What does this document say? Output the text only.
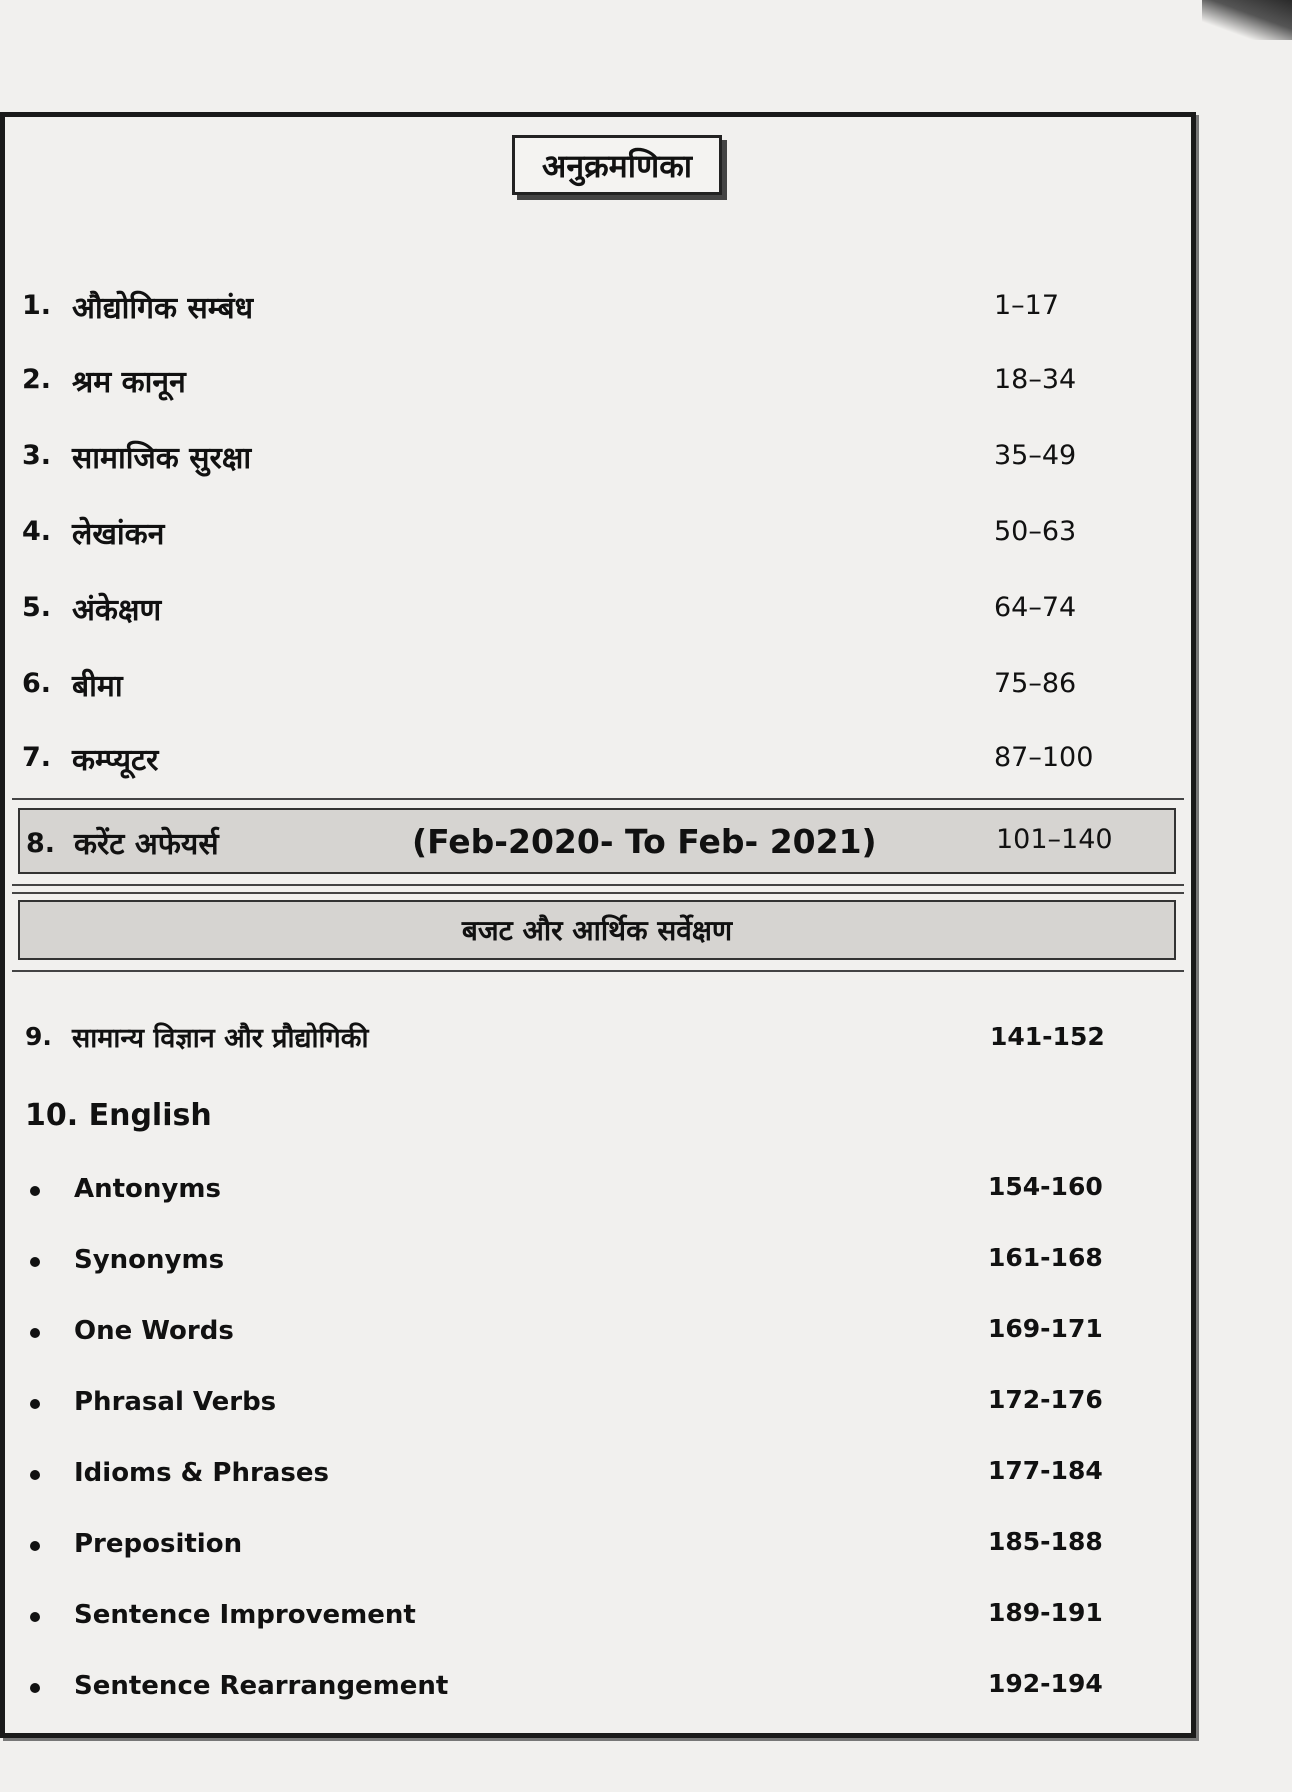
अनुक्रमणिका
1. औद्योगिक सम्बंध	1–17
2. श्रम कानून	18–34
3. सामाजिक सुरक्षा	35–49
4. लेखांकन	50–63
5. अंकेक्षण	64–74
6. बीमा	75–86
7. कम्प्यूटर	87–100
8. करेंट अफेयर्स	(Feb-2020- To Feb- 2021)	101–140
बजट और आर्थिक सर्वेक्षण
9. सामान्य विज्ञान और प्रौद्योगिकी	141-152
10. English
Antonyms	154-160
Synonyms	161-168
One Words	169-171
Phrasal Verbs	172-176
Idioms & Phrases	177-184
Preposition	185-188
Sentence Improvement	189-191
Sentence Rearrangement	192-194
